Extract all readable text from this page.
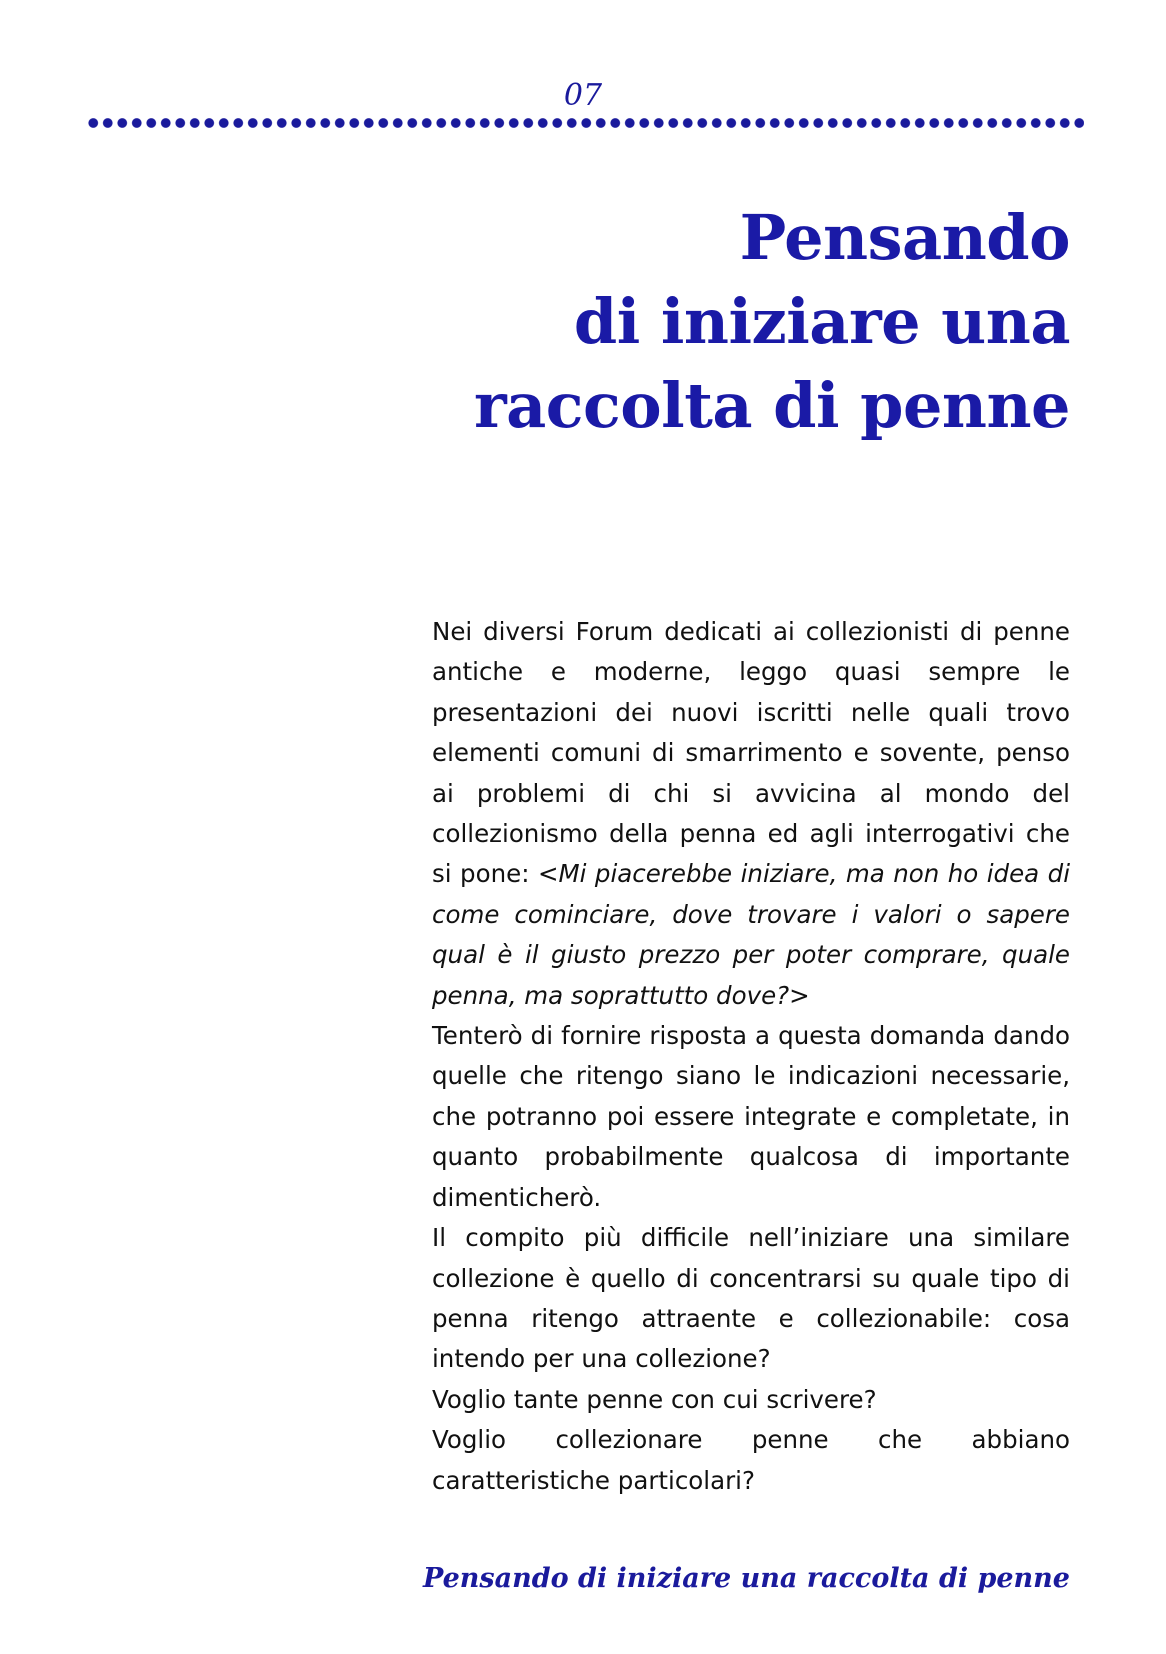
07
Pensando
di iniziare una
raccolta di penne

Nei diversi Forum dedicati ai collezionisti di penne antiche e moderne, leggo quasi sempre le presentazioni dei nuovi iscritti nelle quali trovo elementi comuni di smarrimento e sovente, penso ai problemi di chi si avvicina al mondo del collezionismo della penna ed agli interrogativi che si pone: <Mi piacerebbe iniziare, ma non ho idea di come cominciare, dove trovare i valori o sapere qual è il giusto prezzo per poter comprare, quale penna, ma soprattutto dove?>

Tenterò di fornire risposta a questa domanda dando quelle che ritengo siano le indicazioni necessarie, che potranno poi essere integrate e completate, in quanto probabilmente qualcosa di importante dimenticherò.

Il compito più difficile nell’iniziare una similare collezione è quello di concentrarsi su quale tipo di penna ritengo attraente e collezionabile: cosa intendo per una collezione?

Voglio tante penne con cui scrivere?

Voglio collezionare penne che abbiano caratteristiche particolari?

Pensando di iniziare una raccolta di penne
